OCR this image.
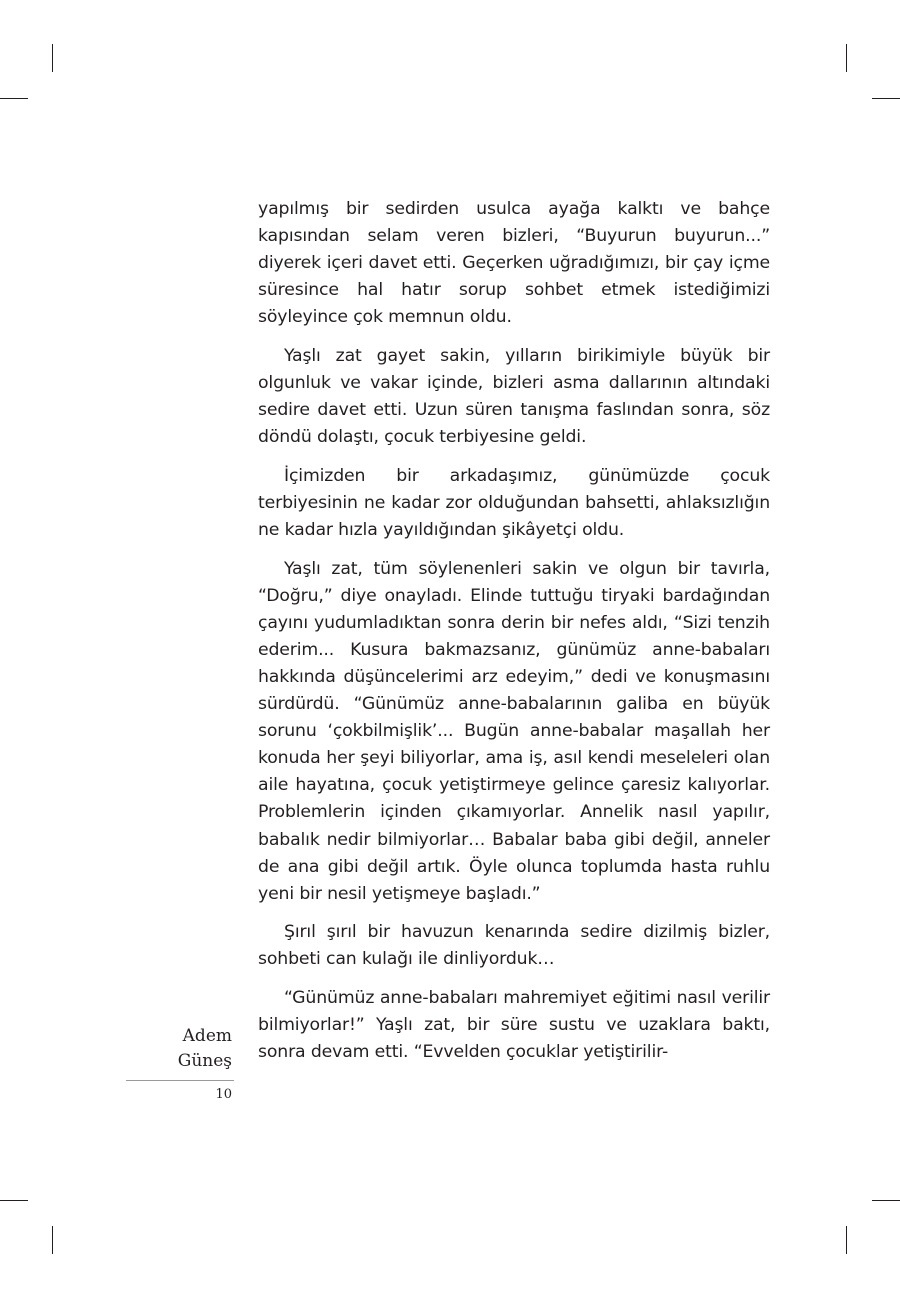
yapılmış bir sedirden usulca ayağa kalktı ve bahçe kapısından selam veren bizleri, “Buyurun buyurun...” diyerek içeri davet etti. Geçerken uğradığımızı, bir çay içme süresince hal hatır sorup sohbet etmek istediğimizi söyleyince çok memnun oldu.

Yaşlı zat gayet sakin, yılların birikimiyle büyük bir olgunluk ve vakar içinde, bizleri asma dallarının altındaki sedire davet etti. Uzun süren tanışma faslından sonra, söz döndü dolaştı, çocuk terbiyesine geldi.

İçimizden bir arkadaşımız, günümüzde çocuk terbiyesinin ne kadar zor olduğundan bahsetti, ahlaksızlığın ne kadar hızla yayıldığından şikâyetçi oldu.

Yaşlı zat, tüm söylenenleri sakin ve olgun bir tavırla, “Doğru,” diye onayladı. Elinde tuttuğu tiryaki bardağından çayını yudumladıktan sonra derin bir nefes aldı, “Sizi tenzih ederim... Kusura bakmazsanız, günümüz anne-babaları hakkında düşüncelerimi arz edeyim,” dedi ve konuşmasını sürdürdü. “Günümüz anne-babalarının galiba en büyük sorunu ‘çokbilmişlik’... Bugün anne-babalar maşallah her konuda her şeyi biliyorlar, ama iş, asıl kendi meseleleri olan aile hayatına, çocuk yetiştirmeye gelince çaresiz kalıyorlar. Problemlerin içinden çıkamıyorlar. Annelik nasıl yapılır, babalık nedir bilmiyorlar… Babalar baba gibi değil, anneler de ana gibi değil artık. Öyle olunca toplumda hasta ruhlu yeni bir nesil yetişmeye başladı.”

Şırıl şırıl bir havuzun kenarında sedire dizilmiş bizler, sohbeti can kulağı ile dinliyorduk…

“Günümüz anne-babaları mahremiyet eğitimi nasıl verilir bilmiyorlar!” Yaşlı zat, bir süre sustu ve uzaklara baktı, sonra devam etti. “Evvelden çocuklar yetiştirilir-

Adem
Güneş
10
